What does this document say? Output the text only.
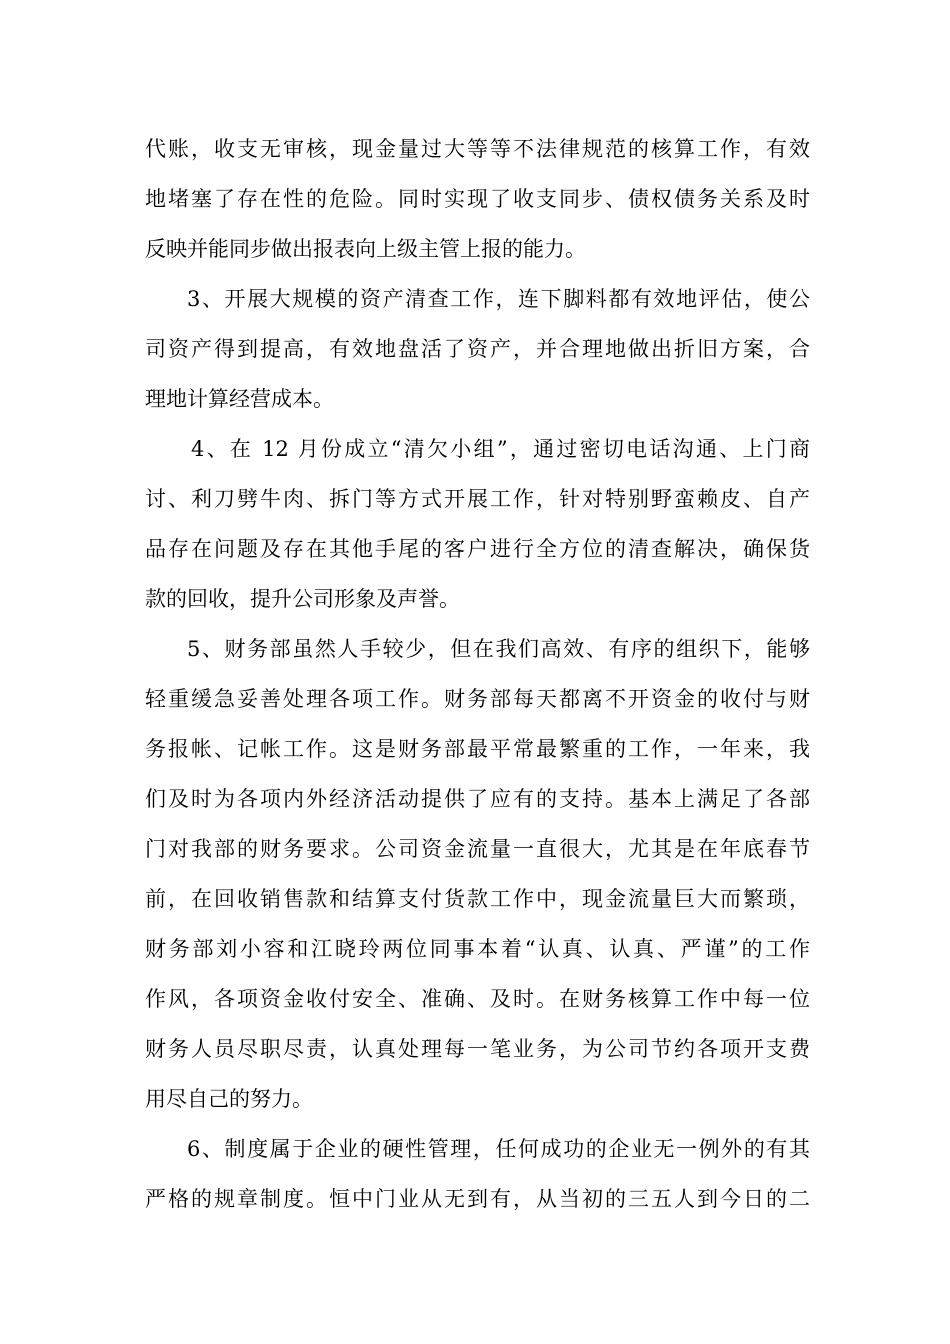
代账，收支无审核，现金量过大等等不法律规范的核算工作，有效
地堵塞了存在性的危险。同时实现了收支同步、债权债务关系及时
反映并能同步做出报表向上级主管上报的能力。
3、开展大规模的资产清查工作，连下脚料都有效地评估，使公
司资产得到提高，有效地盘活了资产，并合理地做出折旧方案，合
理地计算经营成本。
4、在 12 月份成立“清欠小组”，通过密切电话沟通、上门商
讨、利刀劈牛肉、拆门等方式开展工作，针对特别野蛮赖皮、自产
品存在问题及存在其他手尾的客户进行全方位的清查解决，确保货
款的回收，提升公司形象及声誉。
5、财务部虽然人手较少，但在我们高效、有序的组织下，能够
轻重缓急妥善处理各项工作。财务部每天都离不开资金的收付与财
务报帐、记帐工作。这是财务部最平常最繁重的工作，一年来，我
们及时为各项内外经济活动提供了应有的支持。基本上满足了各部
门对我部的财务要求。公司资金流量一直很大，尤其是在年底春节
前，在回收销售款和结算支付货款工作中，现金流量巨大而繁琐，
财务部刘小容和江晓玲两位同事本着“认真、认真、严谨”的工作
作风，各项资金收付安全、准确、及时。在财务核算工作中每一位
财务人员尽职尽责，认真处理每一笔业务，为公司节约各项开支费
用尽自己的努力。
6、制度属于企业的硬性管理，任何成功的企业无一例外的有其
严格的规章制度。恒中门业从无到有，从当初的三五人到今日的二
